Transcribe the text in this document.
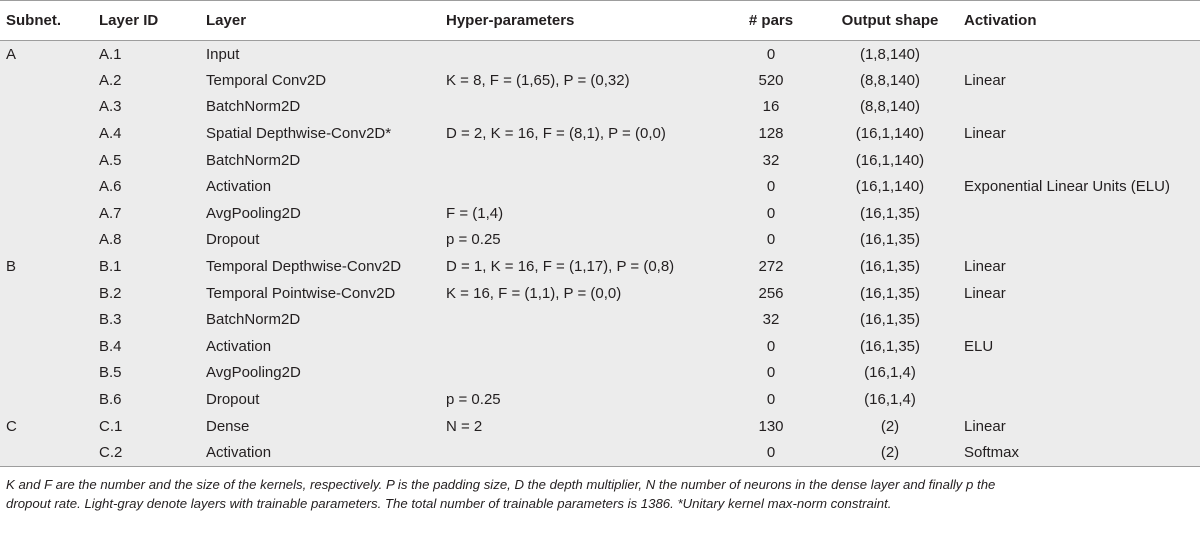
Subnet.	Layer ID	Layer	Hyper-parameters	# pars	Output shape	Activation
A	A.1	Input		0	(1,8,140)	
	A.2	Temporal Conv2D	K = 8, F = (1,65), P = (0,32)	520	(8,8,140)	Linear
	A.3	BatchNorm2D		16	(8,8,140)	
	A.4	Spatial Depthwise-Conv2D*	D = 2, K = 16, F = (8,1), P = (0,0)	128	(16,1,140)	Linear
	A.5	BatchNorm2D		32	(16,1,140)	
	A.6	Activation		0	(16,1,140)	Exponential Linear Units (ELU)
	A.7	AvgPooling2D	F = (1,4)	0	(16,1,35)	
	A.8	Dropout	p = 0.25	0	(16,1,35)	
B	B.1	Temporal Depthwise-Conv2D	D = 1, K = 16, F = (1,17), P = (0,8)	272	(16,1,35)	Linear
	B.2	Temporal Pointwise-Conv2D	K = 16, F = (1,1), P = (0,0)	256	(16,1,35)	Linear
	B.3	BatchNorm2D		32	(16,1,35)	
	B.4	Activation		0	(16,1,35)	ELU
	B.5	AvgPooling2D		0	(16,1,4)	
	B.6	Dropout	p = 0.25	0	(16,1,4)	
C	C.1	Dense	N = 2	130	(2)	Linear
	C.2	Activation		0	(2)	Softmax

K and F are the number and the size of the kernels, respectively. P is the padding size, D the depth multiplier, N the number of neurons in the dense layer and finally p the
dropout rate. Light-gray denote layers with trainable parameters. The total number of trainable parameters is 1386. *Unitary kernel max-norm constraint.
